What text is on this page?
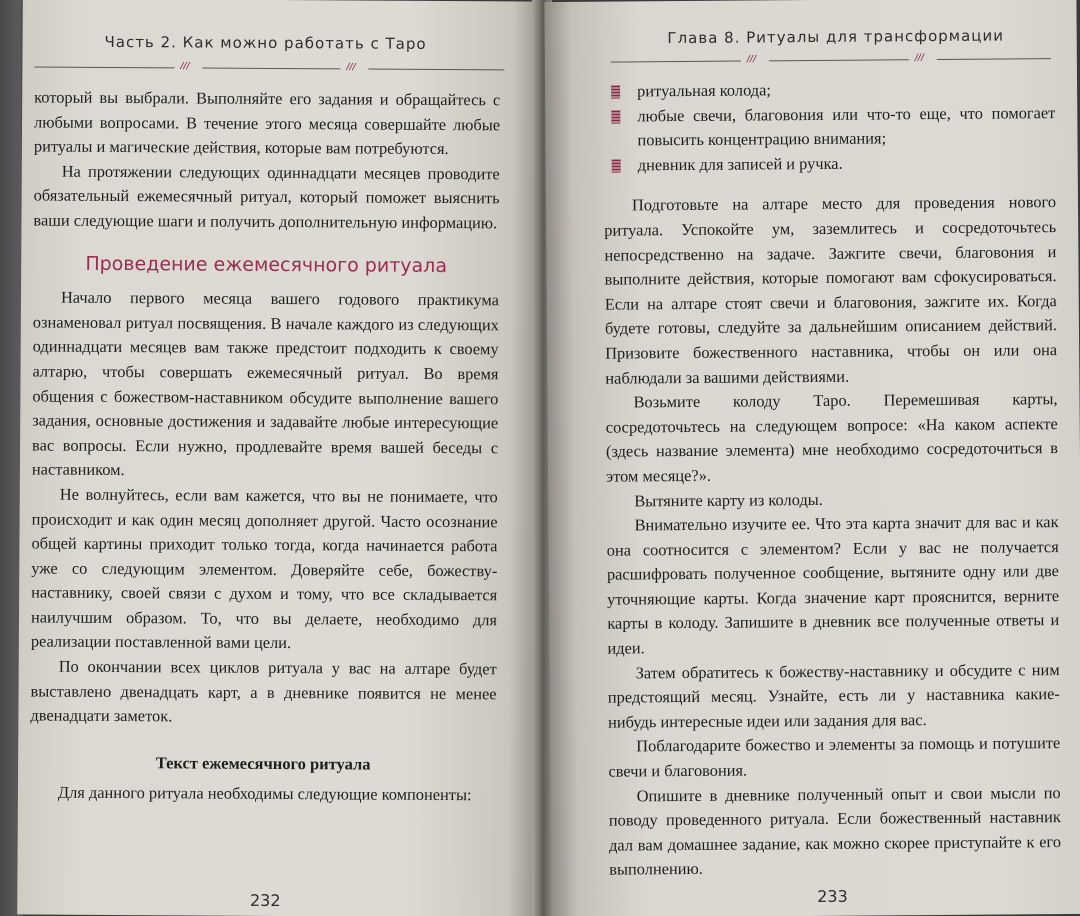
Часть 2. Как можно работать с Таро
///	///

который вы выбрали. Выполняйте его задания и обращайтесь с любыми вопросами. В течение этого месяца совершайте любые ритуалы и магические действия, которые вам потребуются.

На протяжении следующих одиннадцати месяцев проводите обязательный ежемесячный ритуал, который поможет выяснить ваши следующие шаги и получить дополнительную информацию.

Проведение ежемесячного ритуала

Начало первого месяца вашего годового практикума ознаменовал ритуал посвящения. В начале каждого из следующих одиннадцати месяцев вам также предстоит подходить к своему алтарю, чтобы совершать ежемесячный ритуал. Во время общения с божеством-наставником обсудите выполнение вашего задания, основные достижения и задавайте любые интересующие вас вопросы. Если нужно, продлевайте время вашей беседы с наставником.

Не волнуйтесь, если вам кажется, что вы не понимаете, что происходит и как один месяц дополняет другой. Часто осознание общей картины приходит только тогда, когда начинается работа уже со следующим элементом. Доверяйте себе, божеству-наставнику, своей связи с духом и тому, что все складывается наилучшим образом. То, что вы делаете, необходимо для реализации поставленной вами цели.

По окончании всех циклов ритуала у вас на алтаре будет выставлено двенадцать карт, а в дневнике появится не менее двенадцати заметок.

Текст ежемесячного ритуала

Для данного ритуала необходимы следующие компоненты:

232
Глава 8. Ритуалы для трансформации
///	///
ритуальная колода;
любые свечи, благовония или что-то еще, что помогает повысить концентрацию внимания;
дневник для записей и ручка.

Подготовьте на алтаре место для проведения нового ритуала. Успокойте ум, заземлитесь и сосредоточьтесь непосредственно на задаче. Зажгите свечи, благовония и выполните действия, которые помогают вам сфокусироваться. Если на алтаре стоят свечи и благовония, зажгите их. Когда будете готовы, следуйте за дальнейшим описанием действий. Призовите божественного наставника, чтобы он или она наблюдали за вашими действиями.

Возьмите колоду Таро. Перемешивая карты, сосредоточьтесь на следующем вопросе: «На каком аспекте (здесь название элемента) мне необходимо сосредоточиться в этом месяце?».

Вытяните карту из колоды.

Внимательно изучите ее. Что эта карта значит для вас и как она соотносится с элементом? Если у вас не получается расшифровать полученное сообщение, вытяните одну или две уточняющие карты. Когда значение карт прояснится, верните карты в колоду. Запишите в дневник все полученные ответы и идеи.

Затем обратитесь к божеству-наставнику и обсудите с ним предстоящий месяц. Узнайте, есть ли у наставника какие-нибудь интересные идеи или задания для вас.

Поблагодарите божество и элементы за помощь и потушите свечи и благовония.

Опишите в дневнике полученный опыт и свои мысли по поводу проведенного ритуала. Если божественный наставник дал вам домашнее задание, как можно скорее приступайте к его выполнению.

233
